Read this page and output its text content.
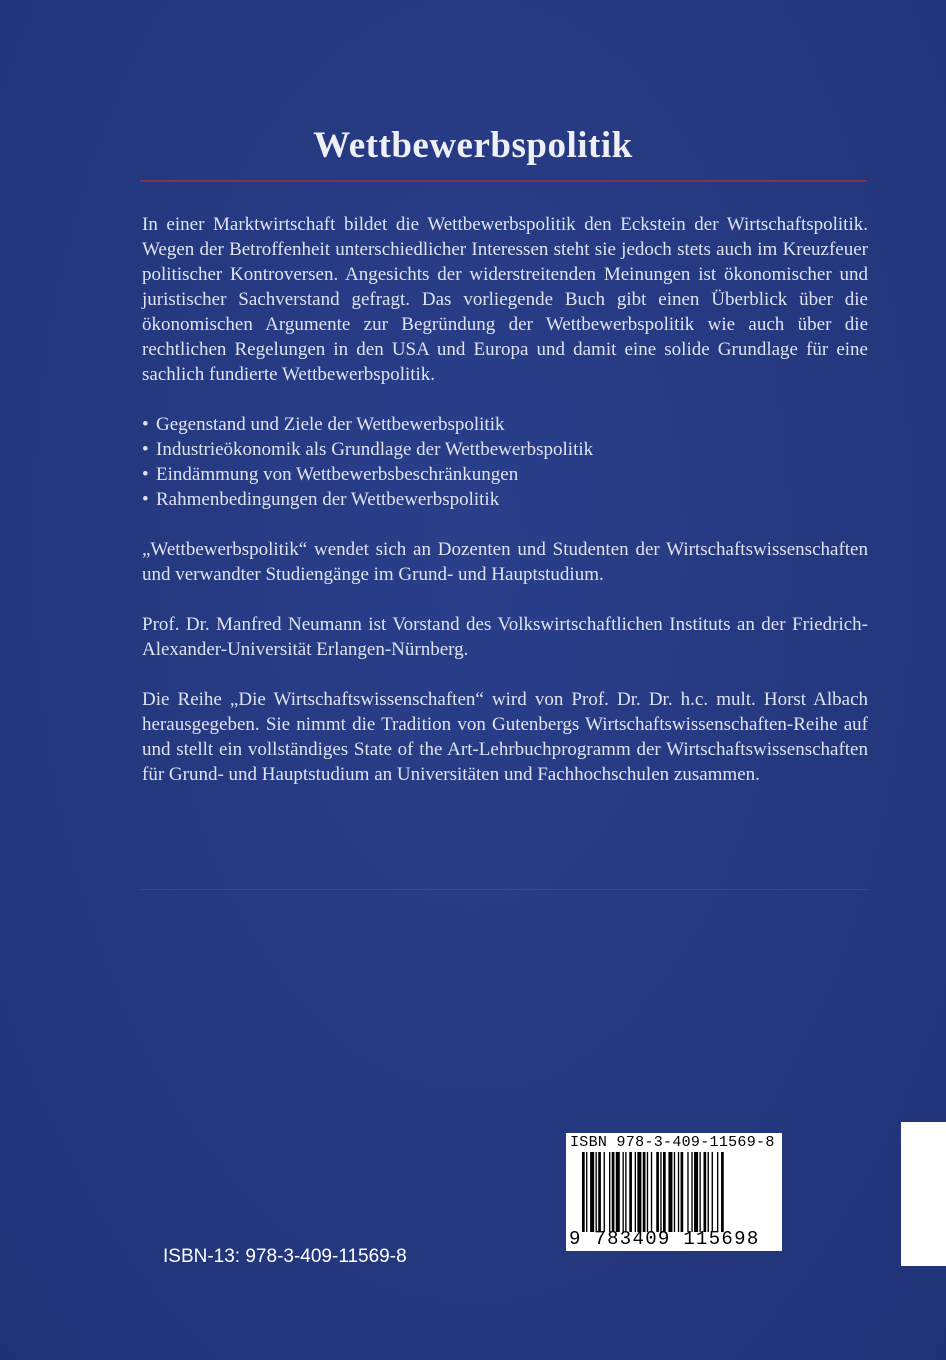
Wettbewerbspolitik

In einer Marktwirtschaft bildet die Wettbewerbspolitik den Eckstein der Wirtschaftspolitik. Wegen der Betroffenheit unterschiedlicher Interessen steht sie jedoch stets auch im Kreuzfeuer politischer Kontroversen. Angesichts der widerstreitenden Meinungen ist ökonomischer und juristischer Sachverstand gefragt. Das vorliegende Buch gibt einen Überblick über die ökonomischen Argumente zur Begründung der Wettbewerbspolitik wie auch über die rechtlichen Regelungen in den USA und Europa und damit eine solide Grundlage für eine sachlich fundierte Wettbewerbspolitik.

• Gegenstand und Ziele der Wettbewerbspolitik
• Industrieökonomik als Grundlage der Wettbewerbspolitik
• Eindämmung von Wettbewerbsbeschränkungen
• Rahmenbedingungen der Wettbewerbspolitik

„Wettbewerbspolitik“ wendet sich an Dozenten und Studenten der Wirtschaftswissenschaften und verwandter Studiengänge im Grund- und Hauptstudium.

Prof. Dr. Manfred Neumann ist Vorstand des Volkswirtschaftlichen Instituts an der Friedrich-Alexander-Universität Erlangen-Nürnberg.

Die Reihe „Die Wirtschaftswissenschaften“ wird von Prof. Dr. Dr. h.c. mult. Horst Albach herausgegeben. Sie nimmt die Tradition von Gutenbergs Wirtschaftswissenschaften-Reihe auf und stellt ein vollständiges State of the Art-Lehrbuchprogramm der Wirtschaftswissenschaften für Grund- und Hauptstudium an Universitäten und Fachhochschulen zusammen.

ISBN-13: 978-3-409-11569-8
ISBN 978-3-409-11569-8
9 783409 115698
